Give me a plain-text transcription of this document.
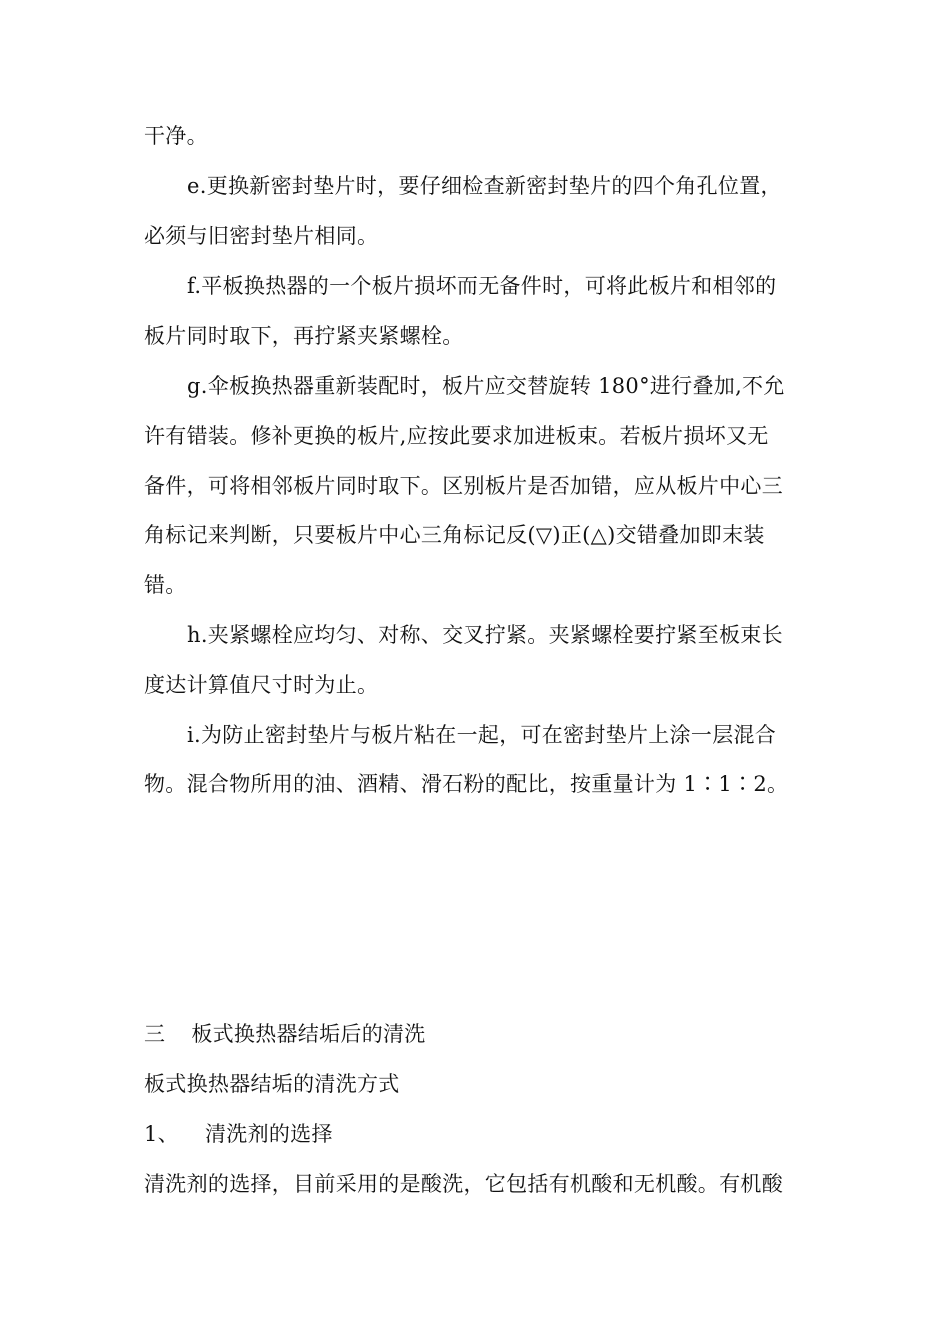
干净。
e.更换新密封垫片时，要仔细检查新密封垫片的四个角孔位置，
必须与旧密封垫片相同。
f.平板换热器的一个板片损坏而无备件时，可将此板片和相邻的
板片同时取下，再拧紧夹紧螺栓。
g.伞板换热器重新装配时，板片应交替旋转 180°进行叠加,不允
许有错装。修补更换的板片,应按此要求加进板束。若板片损坏又无
备件，可将相邻板片同时取下。区别板片是否加错，应从板片中心三
角标记来判断，只要板片中心三角标记反(▽)正(△)交错叠加即末装
错。
h.夹紧螺栓应均匀、对称、交叉拧紧。夹紧螺栓要拧紧至板束长
度达计算值尺寸时为止。
i.为防止密封垫片与板片粘在一起，可在密封垫片上涂一层混合
物。混合物所用的油、酒精、滑石粉的配比，按重量计为 1∶1∶2。
三 板式换热器结垢后的清洗
板式换热器结垢的清洗方式
1、 清洗剂的选择
清洗剂的选择，目前采用的是酸洗，它包括有机酸和无机酸。有机酸
